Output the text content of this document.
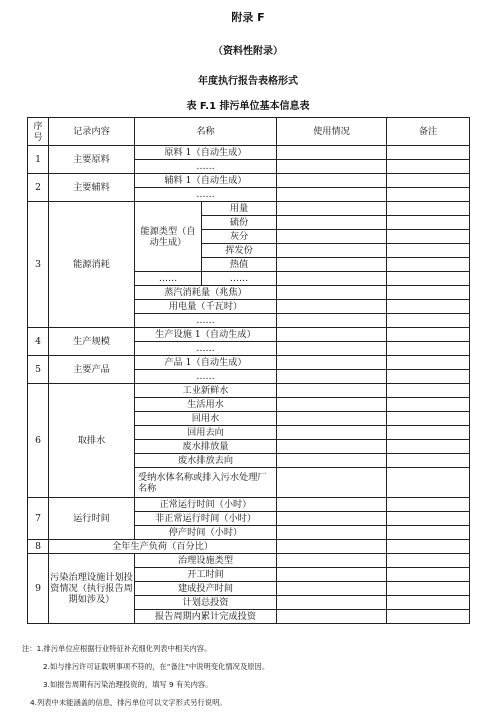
附录 F
（资料性附录）
年度执行报告表格形式
表 F.1 排污单位基本信息表
序号	记录内容	名称		使用情况	备注
1	主要原料	原料 1（自动生成）			
		……			
2	主要辅料	辅料 1（自动生成）			
		……			
3	能源消耗	能源类型（自动生成）	用量		
			硫份		
			灰分		
			挥发份		
			热值		
		……	……		
		蒸汽消耗量（兆焦）			
		用电量（千瓦时）			
		……			
4	生产规模	生产设施 1（自动生成）			
		……			
5	主要产品	产品 1（自动生成）			
		……			
6	取排水	工业新鲜水			
		生活用水			
		回用水			
		回用去向			
		废水排放量			
		废水排放去向			
		受纳水体名称或排入污水处理厂名称			
7	运行时间	正常运行时间（小时）			
		非正常运行时间（小时）			
		停产时间（小时）			
8	全年生产负荷（百分比）				
9	污染治理设施计划投资情况（执行报告周期如涉及）	治理设施类型			
		开工时间			
		建成投产时间			
		计划总投资			
		报告周期内累计完成投资			
注：1.排污单位应根据行业特征补充细化列表中相关内容。
2.如与排污许可证载明事项不符的，在“备注”中说明变化情况及原因。
3.如报告周期有污染治理投资的，填写 9 有关内容。
4.列表中未能涵盖的信息，排污单位可以文字形式另行说明。
